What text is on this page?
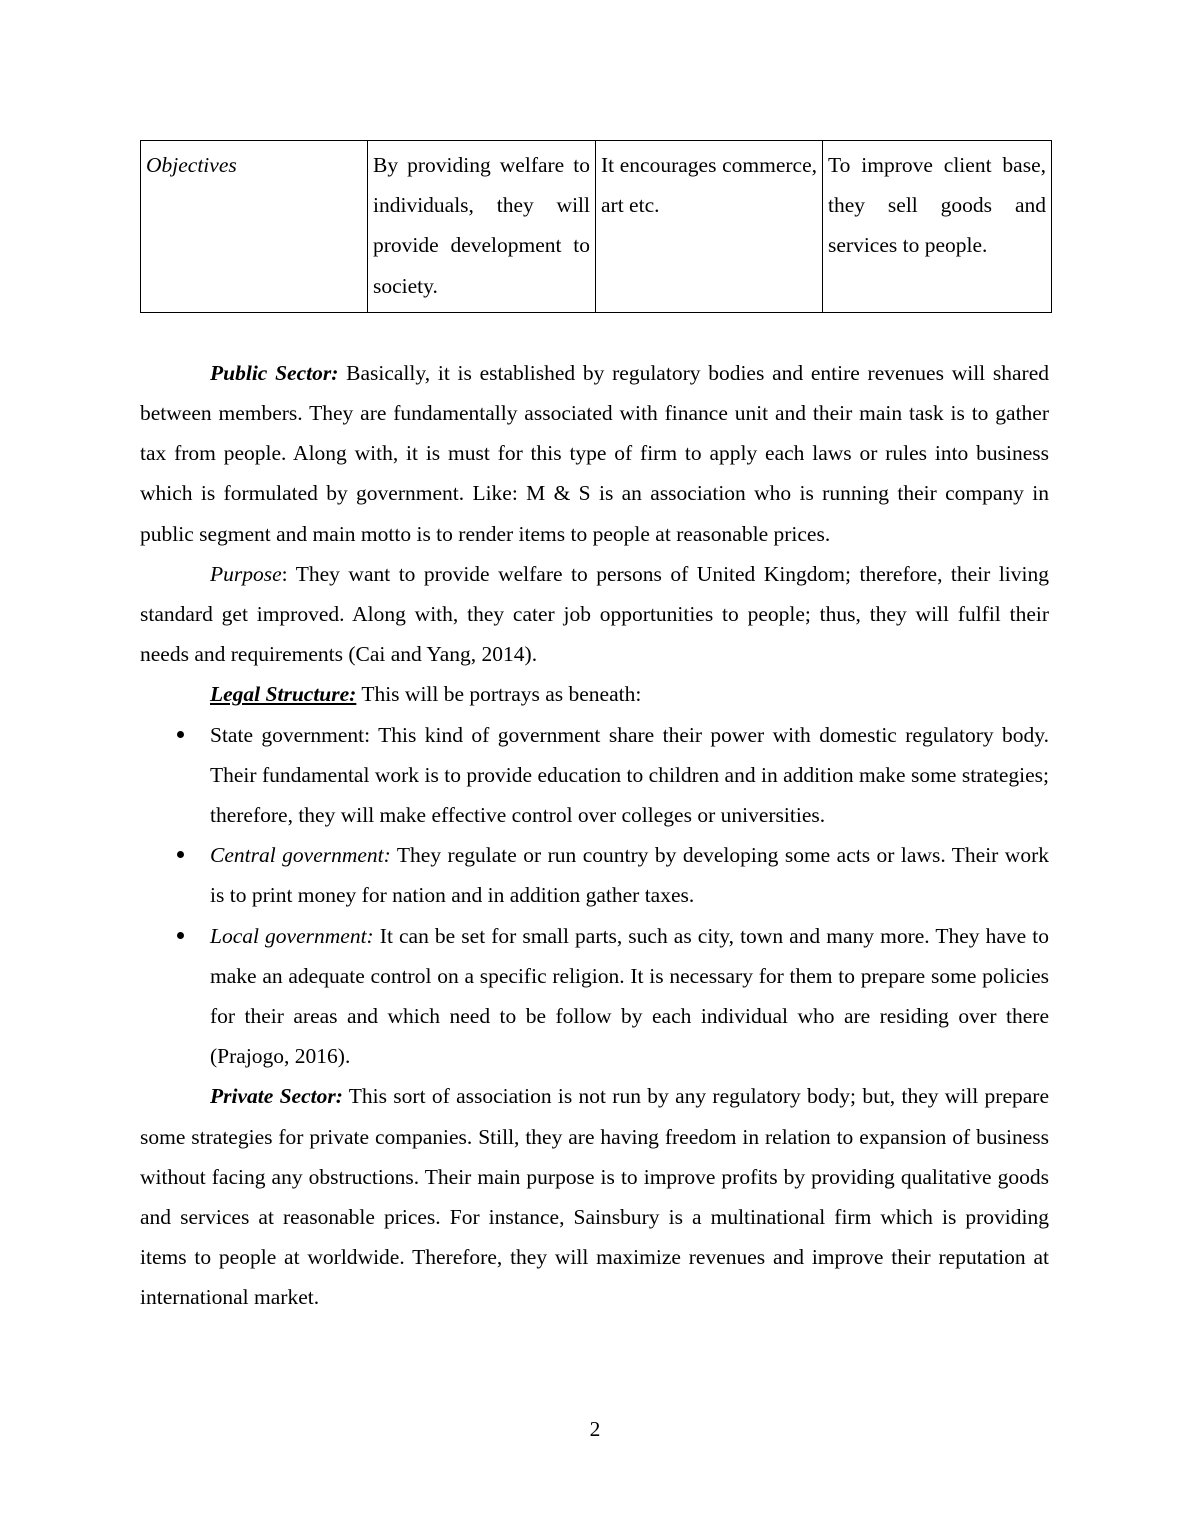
Objectives	By providing welfare to individuals, they will provide development to society.	It encourages commerce, art etc.	To improve client base, they sell goods and services to people.

Public Sector: Basically, it is established by regulatory bodies and entire revenues will shared between members. They are fundamentally associated with finance unit and their main task is to gather tax from people. Along with, it is must for this type of firm to apply each laws or rules into business which is formulated by government. Like: M & S is an association who is running their company in public segment and main motto is to render items to people at reasonable prices.

Purpose: They want to provide welfare to persons of United Kingdom; therefore, their living standard get improved. Along with, they cater job opportunities to people; thus, they will fulfil their needs and requirements (Cai and Yang, 2014).

Legal Structure: This will be portrays as beneath:

State government: This kind of government share their power with domestic regulatory body. Their fundamental work is to provide education to children and in addition make some strategies; therefore, they will make effective control over colleges or universities.
Central government: They regulate or run country by developing some acts or laws. Their work is to print money for nation and in addition gather taxes.
Local government: It can be set for small parts, such as city, town and many more. They have to make an adequate control on a specific religion. It is necessary for them to prepare some policies for their areas and which need to be follow by each individual who are residing over there (Prajogo, 2016).

Private Sector: This sort of association is not run by any regulatory body; but, they will prepare some strategies for private companies. Still, they are having freedom in relation to expansion of business without facing any obstructions. Their main purpose is to improve profits by providing qualitative goods and services at reasonable prices. For instance, Sainsbury is a multinational firm which is providing items to people at worldwide. Therefore, they will maximize revenues and improve their reputation at international market.

2
